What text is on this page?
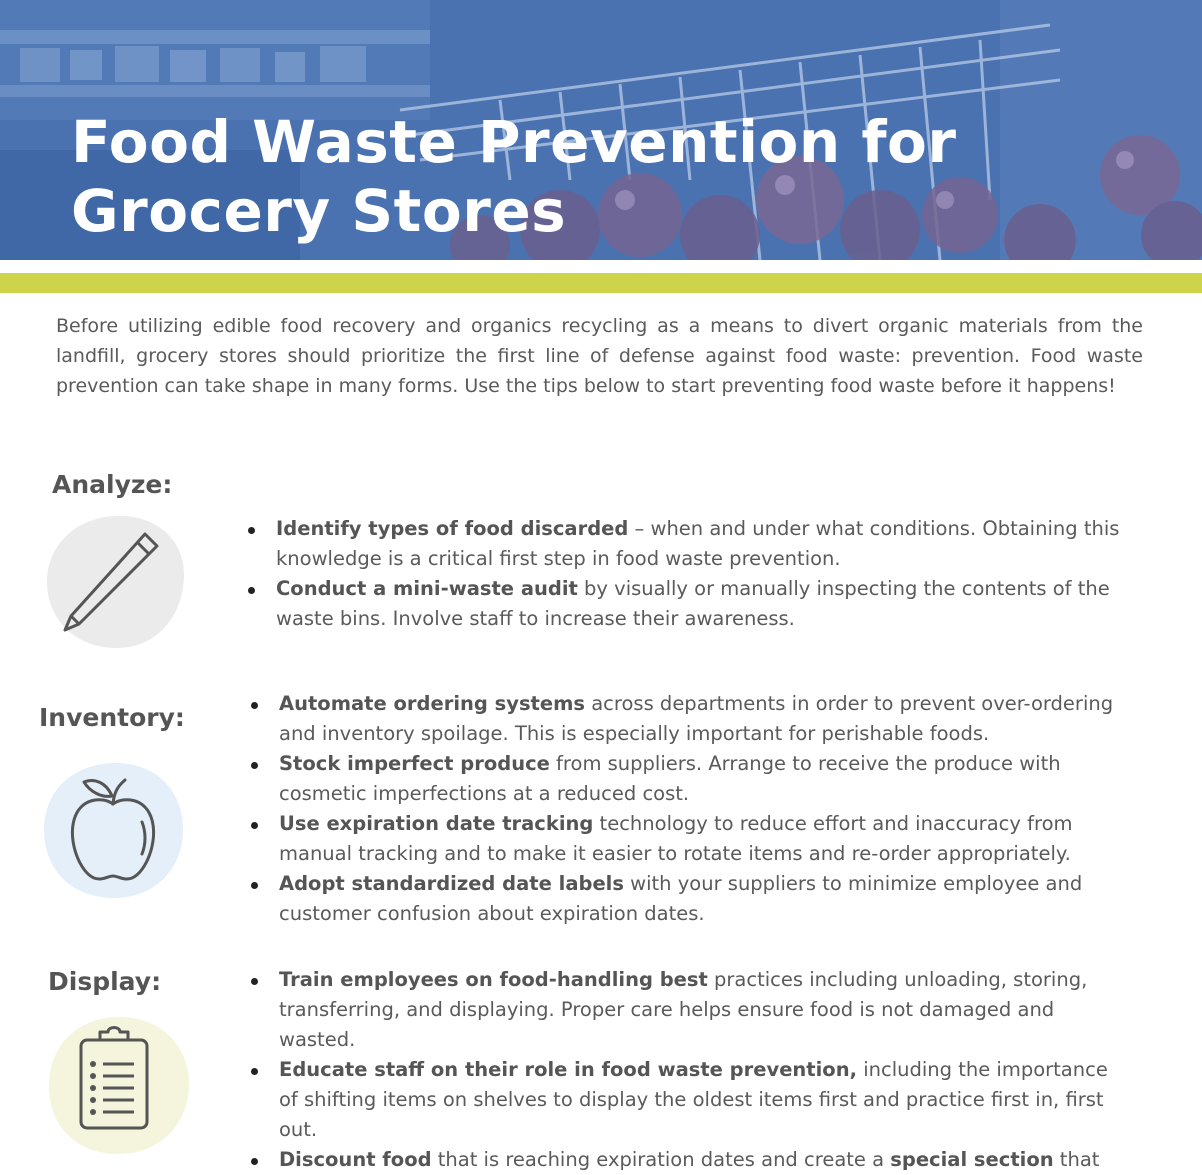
Food Waste Prevention for
Grocery Stores

Before utilizing edible food recovery and organics recycling as a means to divert organic materials from the landfill, grocery stores should prioritize the first line of defense against food waste: prevention. Food waste prevention can take shape in many forms. Use the tips below to start preventing food waste before it happens!

Analyze:
Identify types of food discarded – when and under what conditions. Obtaining this knowledge is a critical first step in food waste prevention.
Conduct a mini-waste audit by visually or manually inspecting the contents of the waste bins. Involve staff to increase their awareness.
Inventory:	Automate ordering systems across departments in order to prevent over-ordering and inventory spoilage. This is especially important for perishable foods.
Stock imperfect produce from suppliers. Arrange to receive the produce with cosmetic imperfections at a reduced cost.
Use expiration date tracking technology to reduce effort and inaccuracy from manual tracking and to make it easier to rotate items and re-order appropriately.
Adopt standardized date labels with your suppliers to minimize employee and customer confusion about expiration dates.
Display:	Train employees on food-handling best practices including unloading, storing, transferring, and displaying. Proper care helps ensure food is not damaged and wasted.
Educate staff on their role in food waste prevention, including the importance of shifting items on shelves to display the oldest items first and practice first in, first out.
Discount food that is reaching expiration dates and create a special section that
